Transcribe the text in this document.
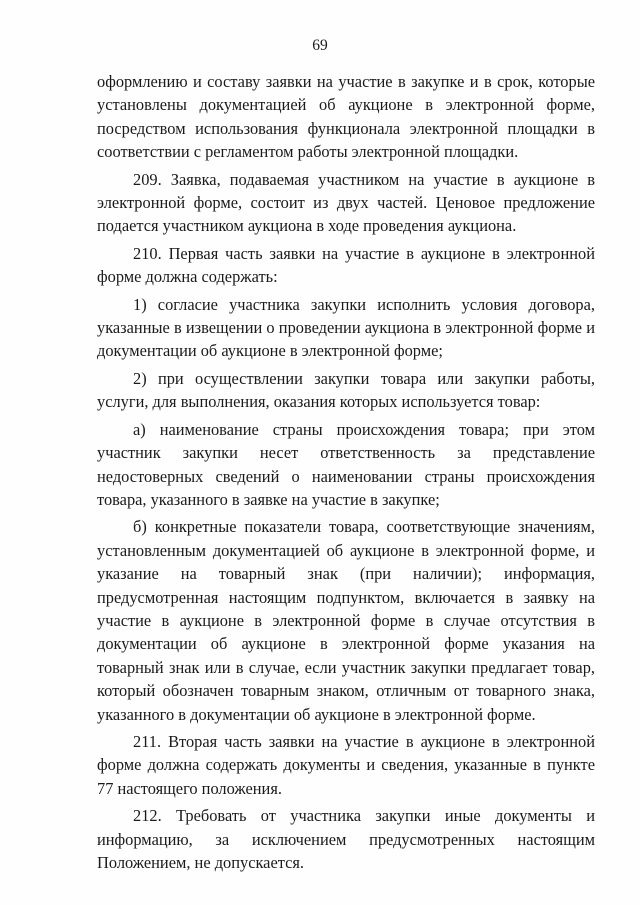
69

оформлению и составу заявки на участие в закупке и в срок, которые установлены документацией об аукционе в электронной форме, посредством использования функционала электронной площадки в соответствии с регламентом работы электронной площадки.

209. Заявка, подаваемая участником на участие в аукционе в электронной форме, состоит из двух частей. Ценовое предложение подается участником аукциона в ходе проведения аукциона.

210. Первая часть заявки на участие в аукционе в электронной форме должна содержать:

1) согласие участника закупки исполнить условия договора, указанные в извещении о проведении аукциона в электронной форме и документации об аукционе в электронной форме;

2) при осуществлении закупки товара или закупки работы, услуги, для выполнения, оказания которых используется товар:

а) наименование страны происхождения товара; при этом участник закупки несет ответственность за представление недостоверных сведений о наименовании страны происхождения товара, указанного в заявке на участие в закупке;

б) конкретные показатели товара, соответствующие значениям, установленным документацией об аукционе в электронной форме, и указание на товарный знак (при наличии); информация, предусмотренная настоящим подпунктом, включается в заявку на участие в аукционе в электронной форме в случае отсутствия в документации об аукционе в электронной форме указания на товарный знак или в случае, если участник закупки предлагает товар, который обозначен товарным знаком, отличным от товарного знака, указанного в документации об аукционе в электронной форме.

211. Вторая часть заявки на участие в аукционе в электронной форме должна содержать документы и сведения, указанные в пункте 77 настоящего положения.

212. Требовать от участника закупки иные документы и информацию, за исключением предусмотренных настоящим Положением, не допускается.
